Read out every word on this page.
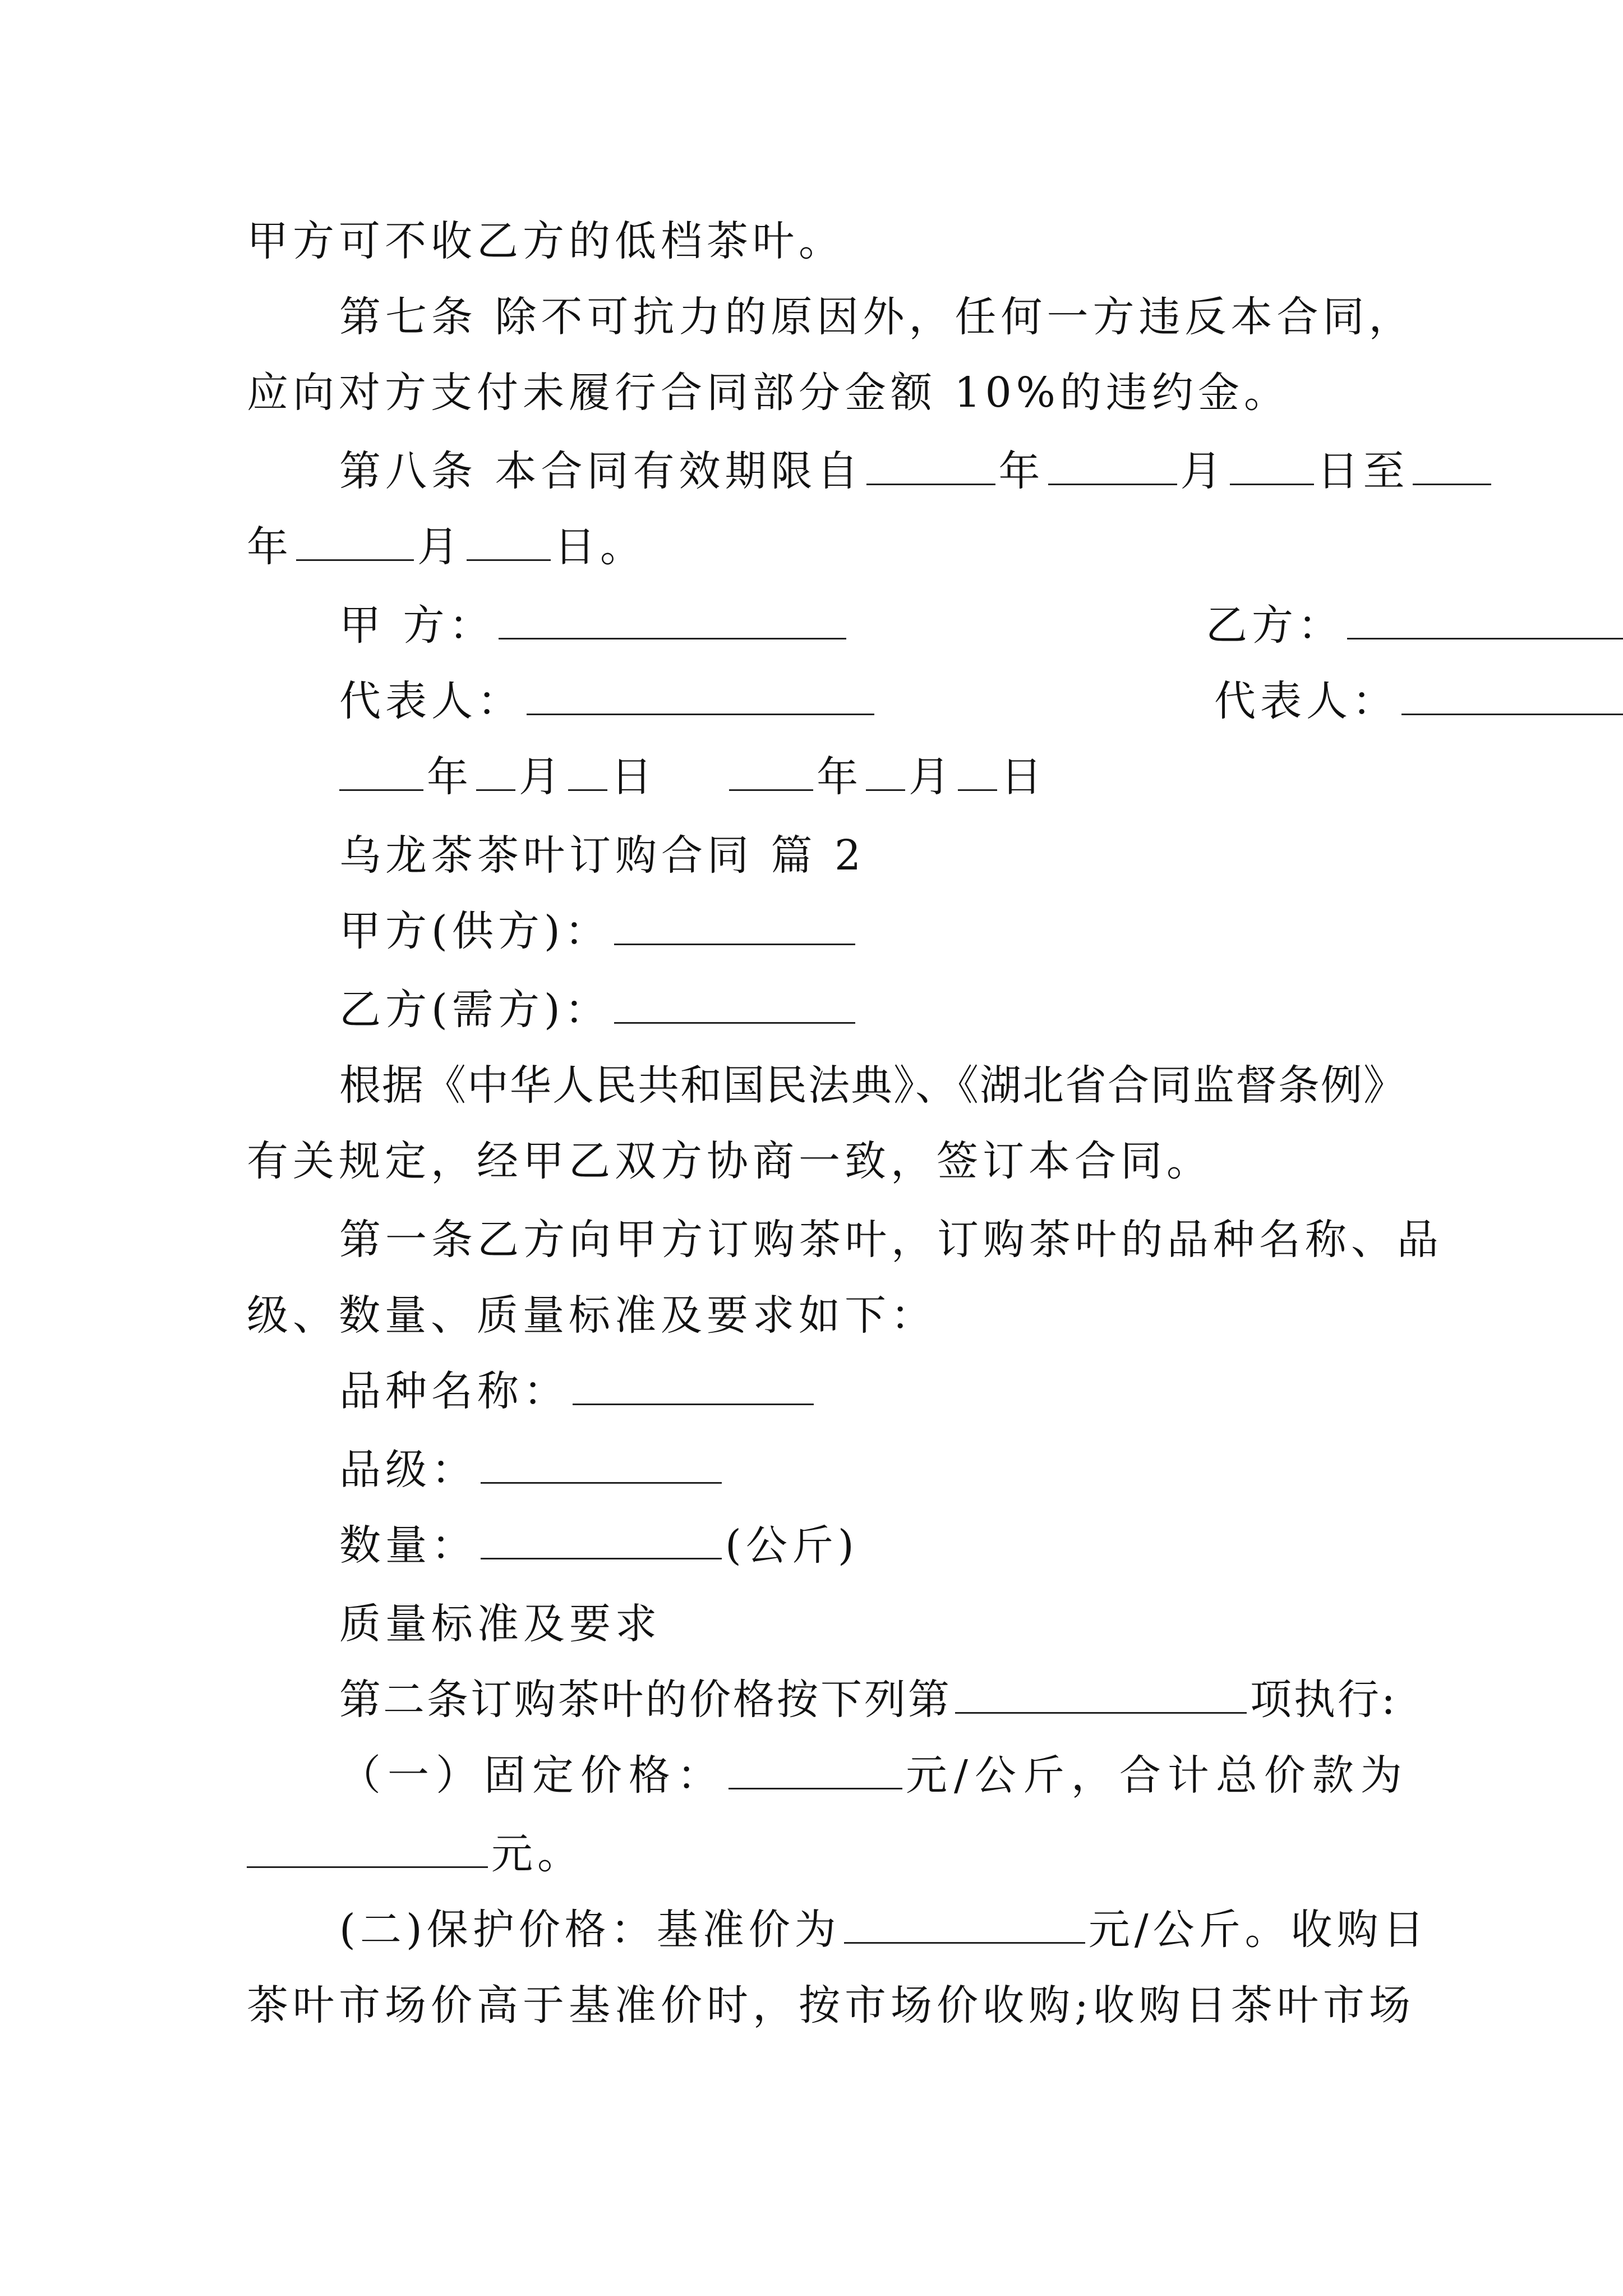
甲方可不收乙方的低档茶叶。
第七条 除不可抗力的原因外，任何一方违反本合同，
应向对方支付未履行合同部分金额 10%的违约金。
第八条 本合同有效期限自	年	月 日至
年	月 日。
甲 方：	乙方：
代表人：	代表人：
年 月 日	年 月 日
乌龙茶茶叶订购合同 篇 2
甲方(供方)：
乙方(需方)：
根据《中华人民共和国民法典》、《湖北省合同监督条例》
有关规定，经甲乙双方协商一致，签订本合同。
第一条乙方向甲方订购茶叶，订购茶叶的品种名称、品
级、数量、质量标准及要求如下：
品种名称：
品级：
数量：	(公斤)
质量标准及要求
第二条订购茶叶的价格按下列第	项执行:
（一）固定价格：	元/公斤，合计总价款为
元。
(二)保护价格：基准价为	元/公斤。收购日
茶叶市场价高于基准价时，按市场价收购;收购日茶叶市场
